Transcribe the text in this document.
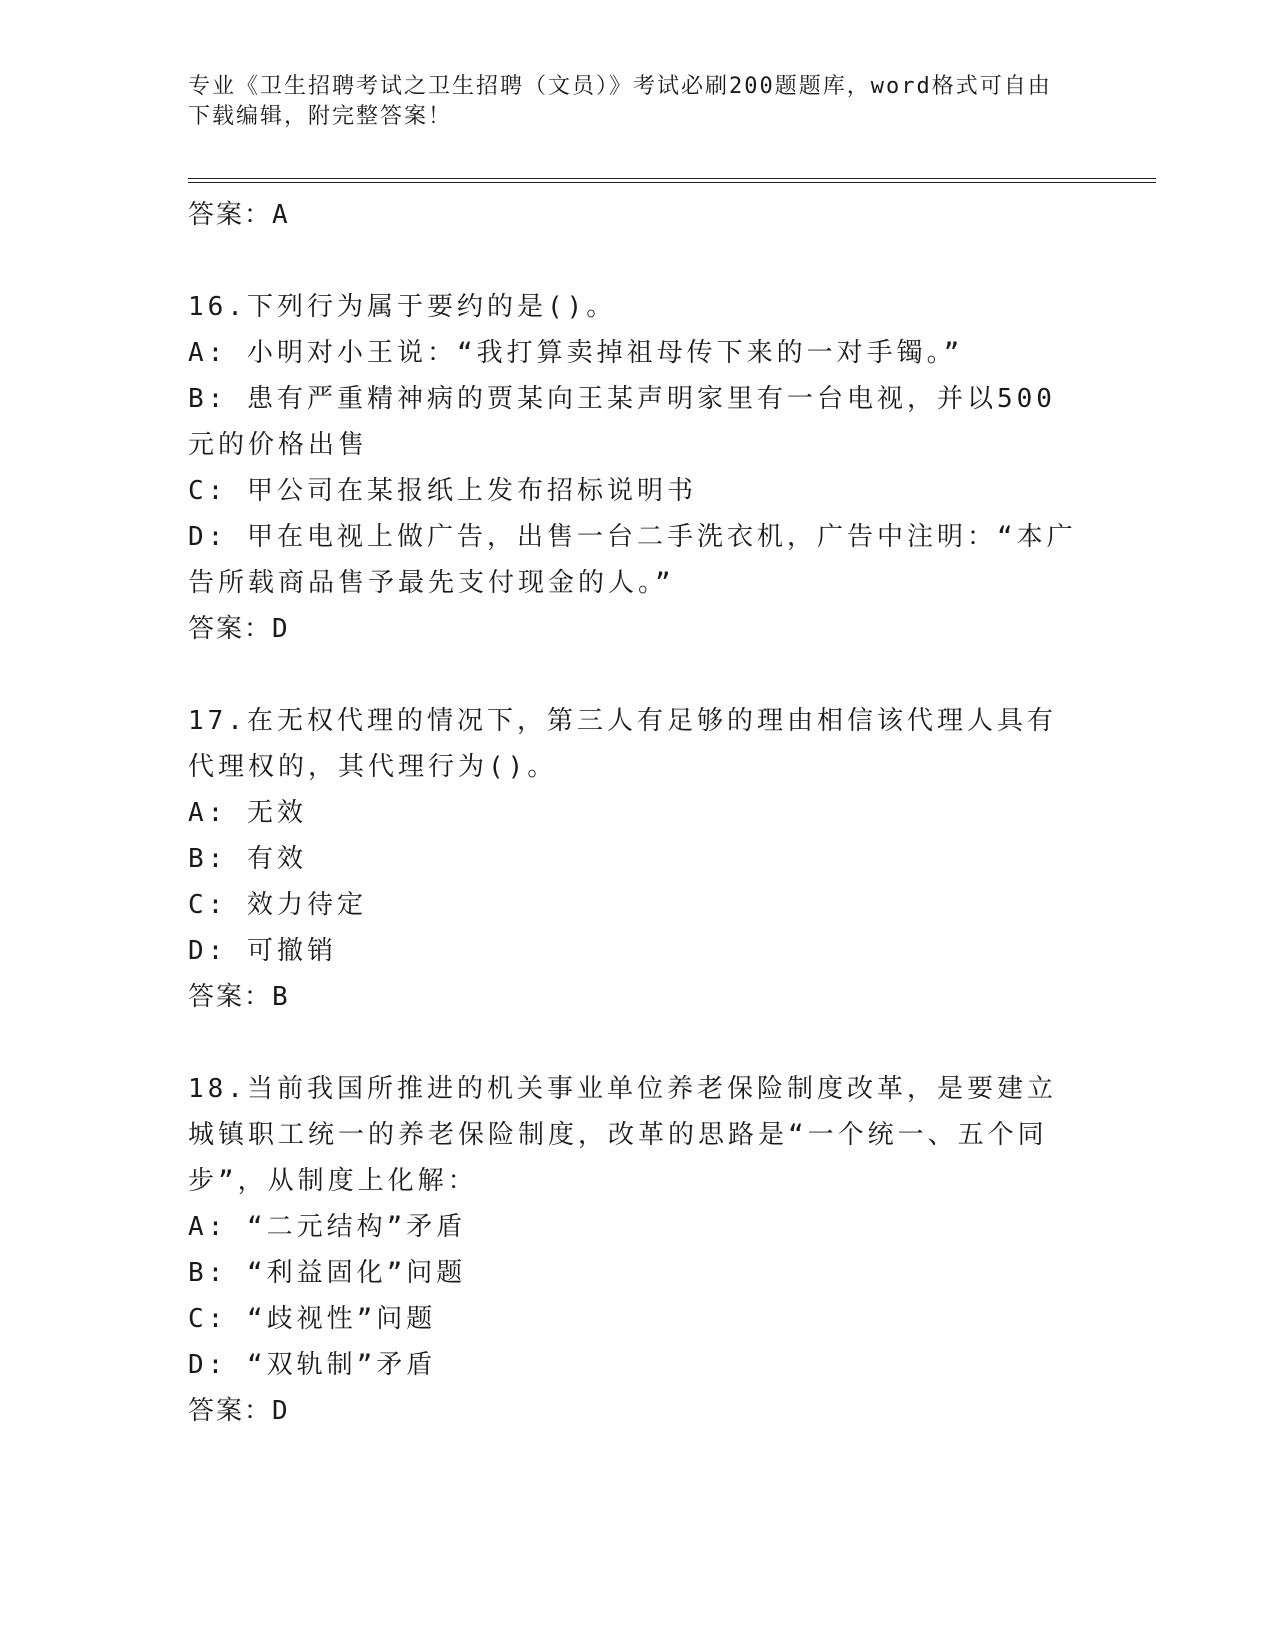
专业《卫生招聘考试之卫生招聘（文员）》考试必刷200题题库，word格式可自由下载编辑，附完整答案！
答案：A
16.下列行为属于要约的是()。
A: 小明对小王说：“我打算卖掉祖母传下来的一对手镯。”
B: 患有严重精神病的贾某向王某声明家里有一台电视，并以500元的价格出售
C: 甲公司在某报纸上发布招标说明书
D: 甲在电视上做广告，出售一台二手洗衣机，广告中注明：“本广告所载商品售予最先支付现金的人。”
答案：D
17.在无权代理的情况下，第三人有足够的理由相信该代理人具有代理权的，其代理行为()。
A: 无效
B: 有效
C: 效力待定
D: 可撤销
答案：B
18.当前我国所推进的机关事业单位养老保险制度改革，是要建立城镇职工统一的养老保险制度，改革的思路是“一个统一、五个同步”，从制度上化解：
A: “二元结构”矛盾
B: “利益固化”问题
C: “歧视性”问题
D: “双轨制”矛盾
答案：D
